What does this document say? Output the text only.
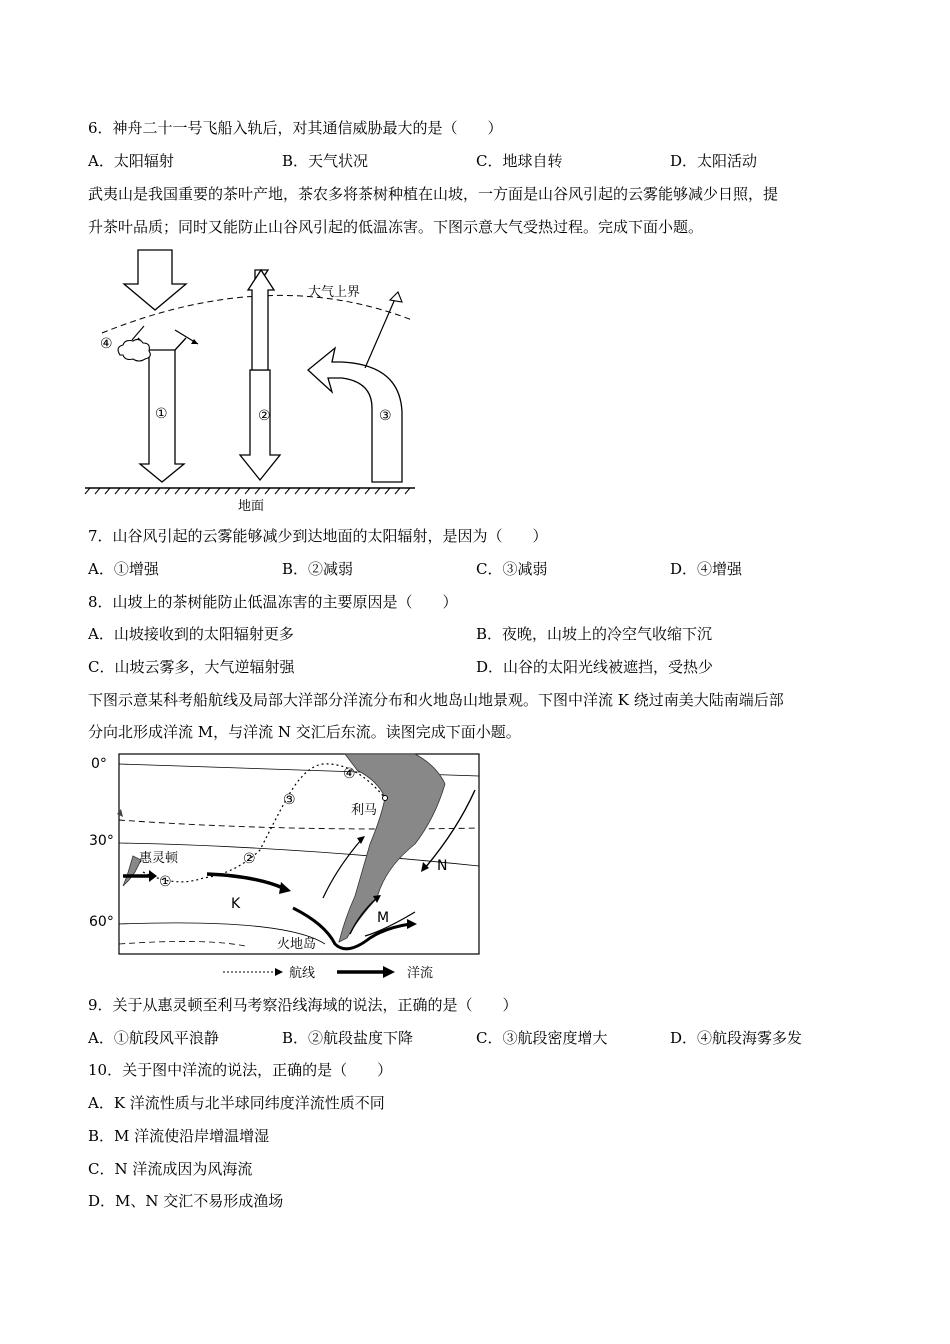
6．神舟二十一号飞船入轨后，对其通信威胁最大的是（　　）
A．太阳辐射	B．天气状况	C．地球自转	D．太阳活动
武夷山是我国重要的茶叶产地，茶农多将茶树种植在山坡，一方面是山谷风引起的云雾能够减少日照，提
升茶叶品质；同时又能防止山谷风引起的低温冻害。下图示意大气受热过程。完成下面小题。
大气上界
①
④
②	③
地面
7．山谷风引起的云雾能够减少到达地面的太阳辐射，是因为（　　）
A．①增强	B．②减弱	C．③减弱	D．④增强
8．山坡上的茶树能防止低温冻害的主要原因是（　　）
A．山坡接收到的太阳辐射更多	B．夜晚，山坡上的冷空气收缩下沉
C．山坡云雾多，大气逆辐射强	D．山谷的太阳光线被遮挡，受热少
下图示意某科考船航线及局部大洋部分洋流分布和火地岛山地景观。下图中洋流 K 绕过南美大陆南端后部
分向北形成洋流 M，与洋流 N 交汇后东流。读图完成下面小题。
0°
30°
60°
①
②
③
④
惠灵顿
利马
火地岛
K
M
N
航线	洋流
9．关于从惠灵顿至利马考察沿线海域的说法，正确的是（　　）
A．①航段风平浪静	B．②航段盐度下降	C．③航段密度增大	D．④航段海雾多发
10．关于图中洋流的说法，正确的是（　　）
A．K 洋流性质与北半球同纬度洋流性质不同
B．M 洋流使沿岸增温增湿
C．N 洋流成因为风海流
D．M、N 交汇不易形成渔场
